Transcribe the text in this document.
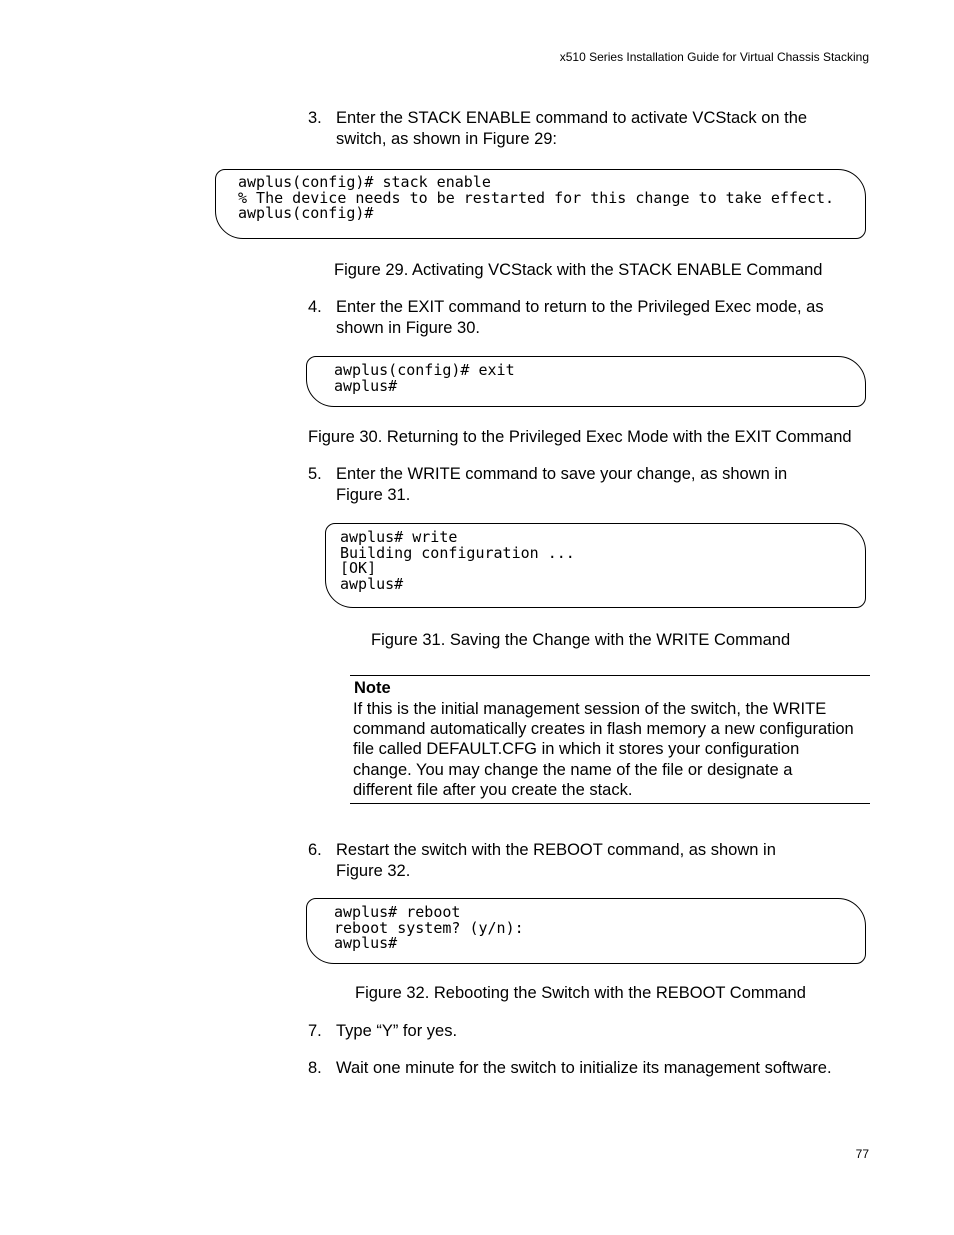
x510 Series Installation Guide for Virtual Chassis Stacking
3. Enter the STACK ENABLE command to activate VCStack on the
switch, as shown in Figure 29:
awplus(config)# stack enable
% The device needs to be restarted for this change to take effect.
awplus(config)#
Figure 29. Activating VCStack with the STACK ENABLE Command
4. Enter the EXIT command to return to the Privileged Exec mode, as
shown in Figure 30.
awplus(config)# exit
awplus#
Figure 30. Returning to the Privileged Exec Mode with the EXIT Command
5. Enter the WRITE command to save your change, as shown in
Figure 31.
awplus# write
Building configuration ...
[OK]
awplus#
Figure 31. Saving the Change with the WRITE Command
Note
If this is the initial management session of the switch, the WRITE
command automatically creates in flash memory a new configuration
file called DEFAULT.CFG in which it stores your configuration
change. You may change the name of the file or designate a
different file after you create the stack.
6. Restart the switch with the REBOOT command, as shown in
Figure 32.
awplus# reboot
reboot system? (y/n):
awplus#
Figure 32. Rebooting the Switch with the REBOOT Command
7. Type “Y” for yes.
8. Wait one minute for the switch to initialize its management software.
77
